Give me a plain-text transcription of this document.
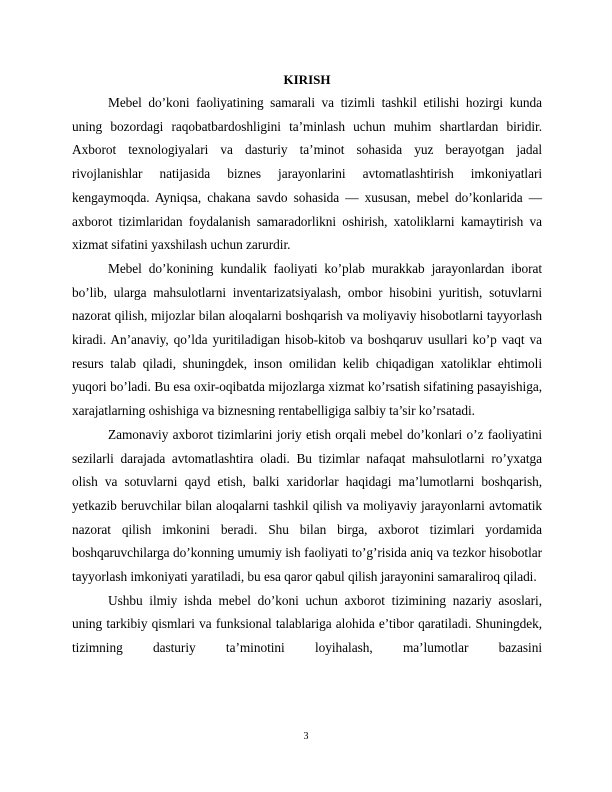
KIRISH

Mebel do’koni faoliyatining samarali va tizimli tashkil etilishi hozirgi kunda uning bozordagi raqobatbardoshligini ta’minlash uchun muhim shartlardan biridir. Axborot texnologiyalari va dasturiy ta’minot sohasida yuz berayotgan jadal rivojlanishlar natijasida biznes jarayonlarini avtomatlashtirish imkoniyatlari kengaymoqda. Ayniqsa, chakana savdo sohasida — xususan, mebel do’konlarida — axborot tizimlaridan foydalanish samaradorlikni oshirish, xatoliklarni kamaytirish va xizmat sifatini yaxshilash uchun zarurdir.

Mebel do’konining kundalik faoliyati ko’plab murakkab jarayonlardan iborat bo’lib, ularga mahsulotlarni inventarizatsiyalash, ombor hisobini yuritish, sotuvlarni nazorat qilish, mijozlar bilan aloqalarni boshqarish va moliyaviy hisobotlarni tayyorlash kiradi. An’anaviy, qo’lda yuritiladigan hisob-kitob va boshqaruv usullari ko’p vaqt va resurs talab qiladi, shuningdek, inson omilidan kelib chiqadigan xatoliklar ehtimoli yuqori bo’ladi. Bu esa oxir-oqibatda mijozlarga xizmat ko’rsatish sifatining pasayishiga, xarajatlarning oshishiga va biznesning rentabelligiga salbiy ta’sir ko’rsatadi.

Zamonaviy axborot tizimlarini joriy etish orqali mebel do’konlari o’z faoliyatini sezilarli darajada avtomatlashtira oladi. Bu tizimlar nafaqat mahsulotlarni ro’yxatga olish va sotuvlarni qayd etish, balki xaridorlar haqidagi ma’lumotlarni boshqarish, yetkazib beruvchilar bilan aloqalarni tashkil qilish va moliyaviy jarayonlarni avtomatik nazorat qilish imkonini beradi. Shu bilan birga, axborot tizimlari yordamida boshqaruvchilarga do’konning umumiy ish faoliyati to’g’risida aniq va tezkor hisobotlar tayyorlash imkoniyati yaratiladi, bu esa qaror qabul qilish jarayonini samaraliroq qiladi.

Ushbu ilmiy ishda mebel do’koni uchun axborot tizimining nazariy asoslari, uning tarkibiy qismlari va funksional talablariga alohida e’tibor qaratiladi. Shuningdek, tizimning dasturiy ta’minotini loyihalash, ma’lumotlar bazasini

3
